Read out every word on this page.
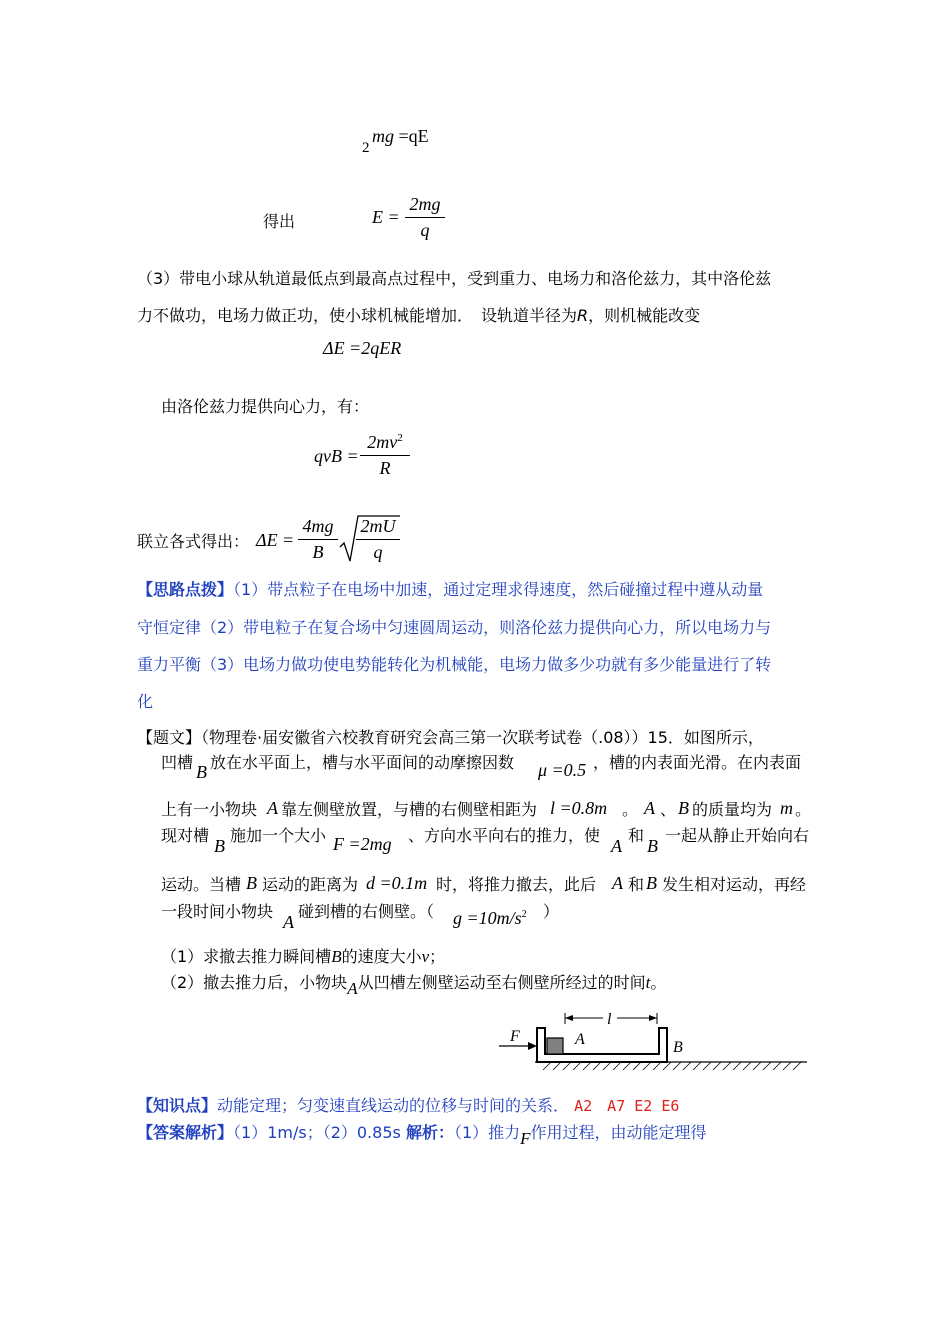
2
mg =qE
得出	E =
2mg
q
（3）带电小球从轨道最低点到最高点过程中，受到重力、电场力和洛伦兹力，其中洛伦兹
力不做功，电场力做正功，使小球机械能增加．　设轨道半径为R，则机械能改变
ΔE =2qER
由洛伦兹力提供向心力，有：
qvB =
$2mv^2$
R
联立各式得出： ΔE =
4mg
B
2mU
q
【思路点拨】（1）带点粒子在电场中加速，通过定理求得速度，然后碰撞过程中遵从动量
守恒定律（2）带电粒子在复合场中匀速圆周运动，则洛伦兹力提供向心力，所以电场力与
重力平衡（3）电场力做功使电势能转化为机械能，电场力做多少功就有多少能量进行了转
化
【题文】（物理卷·届安徽省六校教育研究会高三第一次联考试卷（.08））15．如图所示，
凹槽 B 放在水平面上，槽与水平面间的动摩擦因数 μ =0.5 ，槽的内表面光滑。在内表面
上有一小物块 A 靠左侧壁放置，与槽的右侧壁相距为 l =0.8m 。 A 、 B 的质量均为 m 。
现对槽
B
施加一个大小 F =2mg 、方向水平向右的推力，使
A
和
B
一起从静止开始向右
运动。当槽 B 运动的距离为 d =0.1m 时，将推力撤去，此后 A 和 B 发生相对运动，再经
一段时间小物块
A
碰到槽的右侧壁。（ $g =10m/s^2$ ）
（1）求撤去推力瞬间槽B的速度大小v；
（2）撤去推力后，小物块A从凹槽左侧壁运动至右侧壁所经过的时间t。
F	A	B
l
【知识点】动能定理；匀变速直线运动的位移与时间的关系． A2　A7 E2 E6
【答案解析】（1）1m/s；（2）0.85s 解析：（1）推力F作用过程，由动能定理得
